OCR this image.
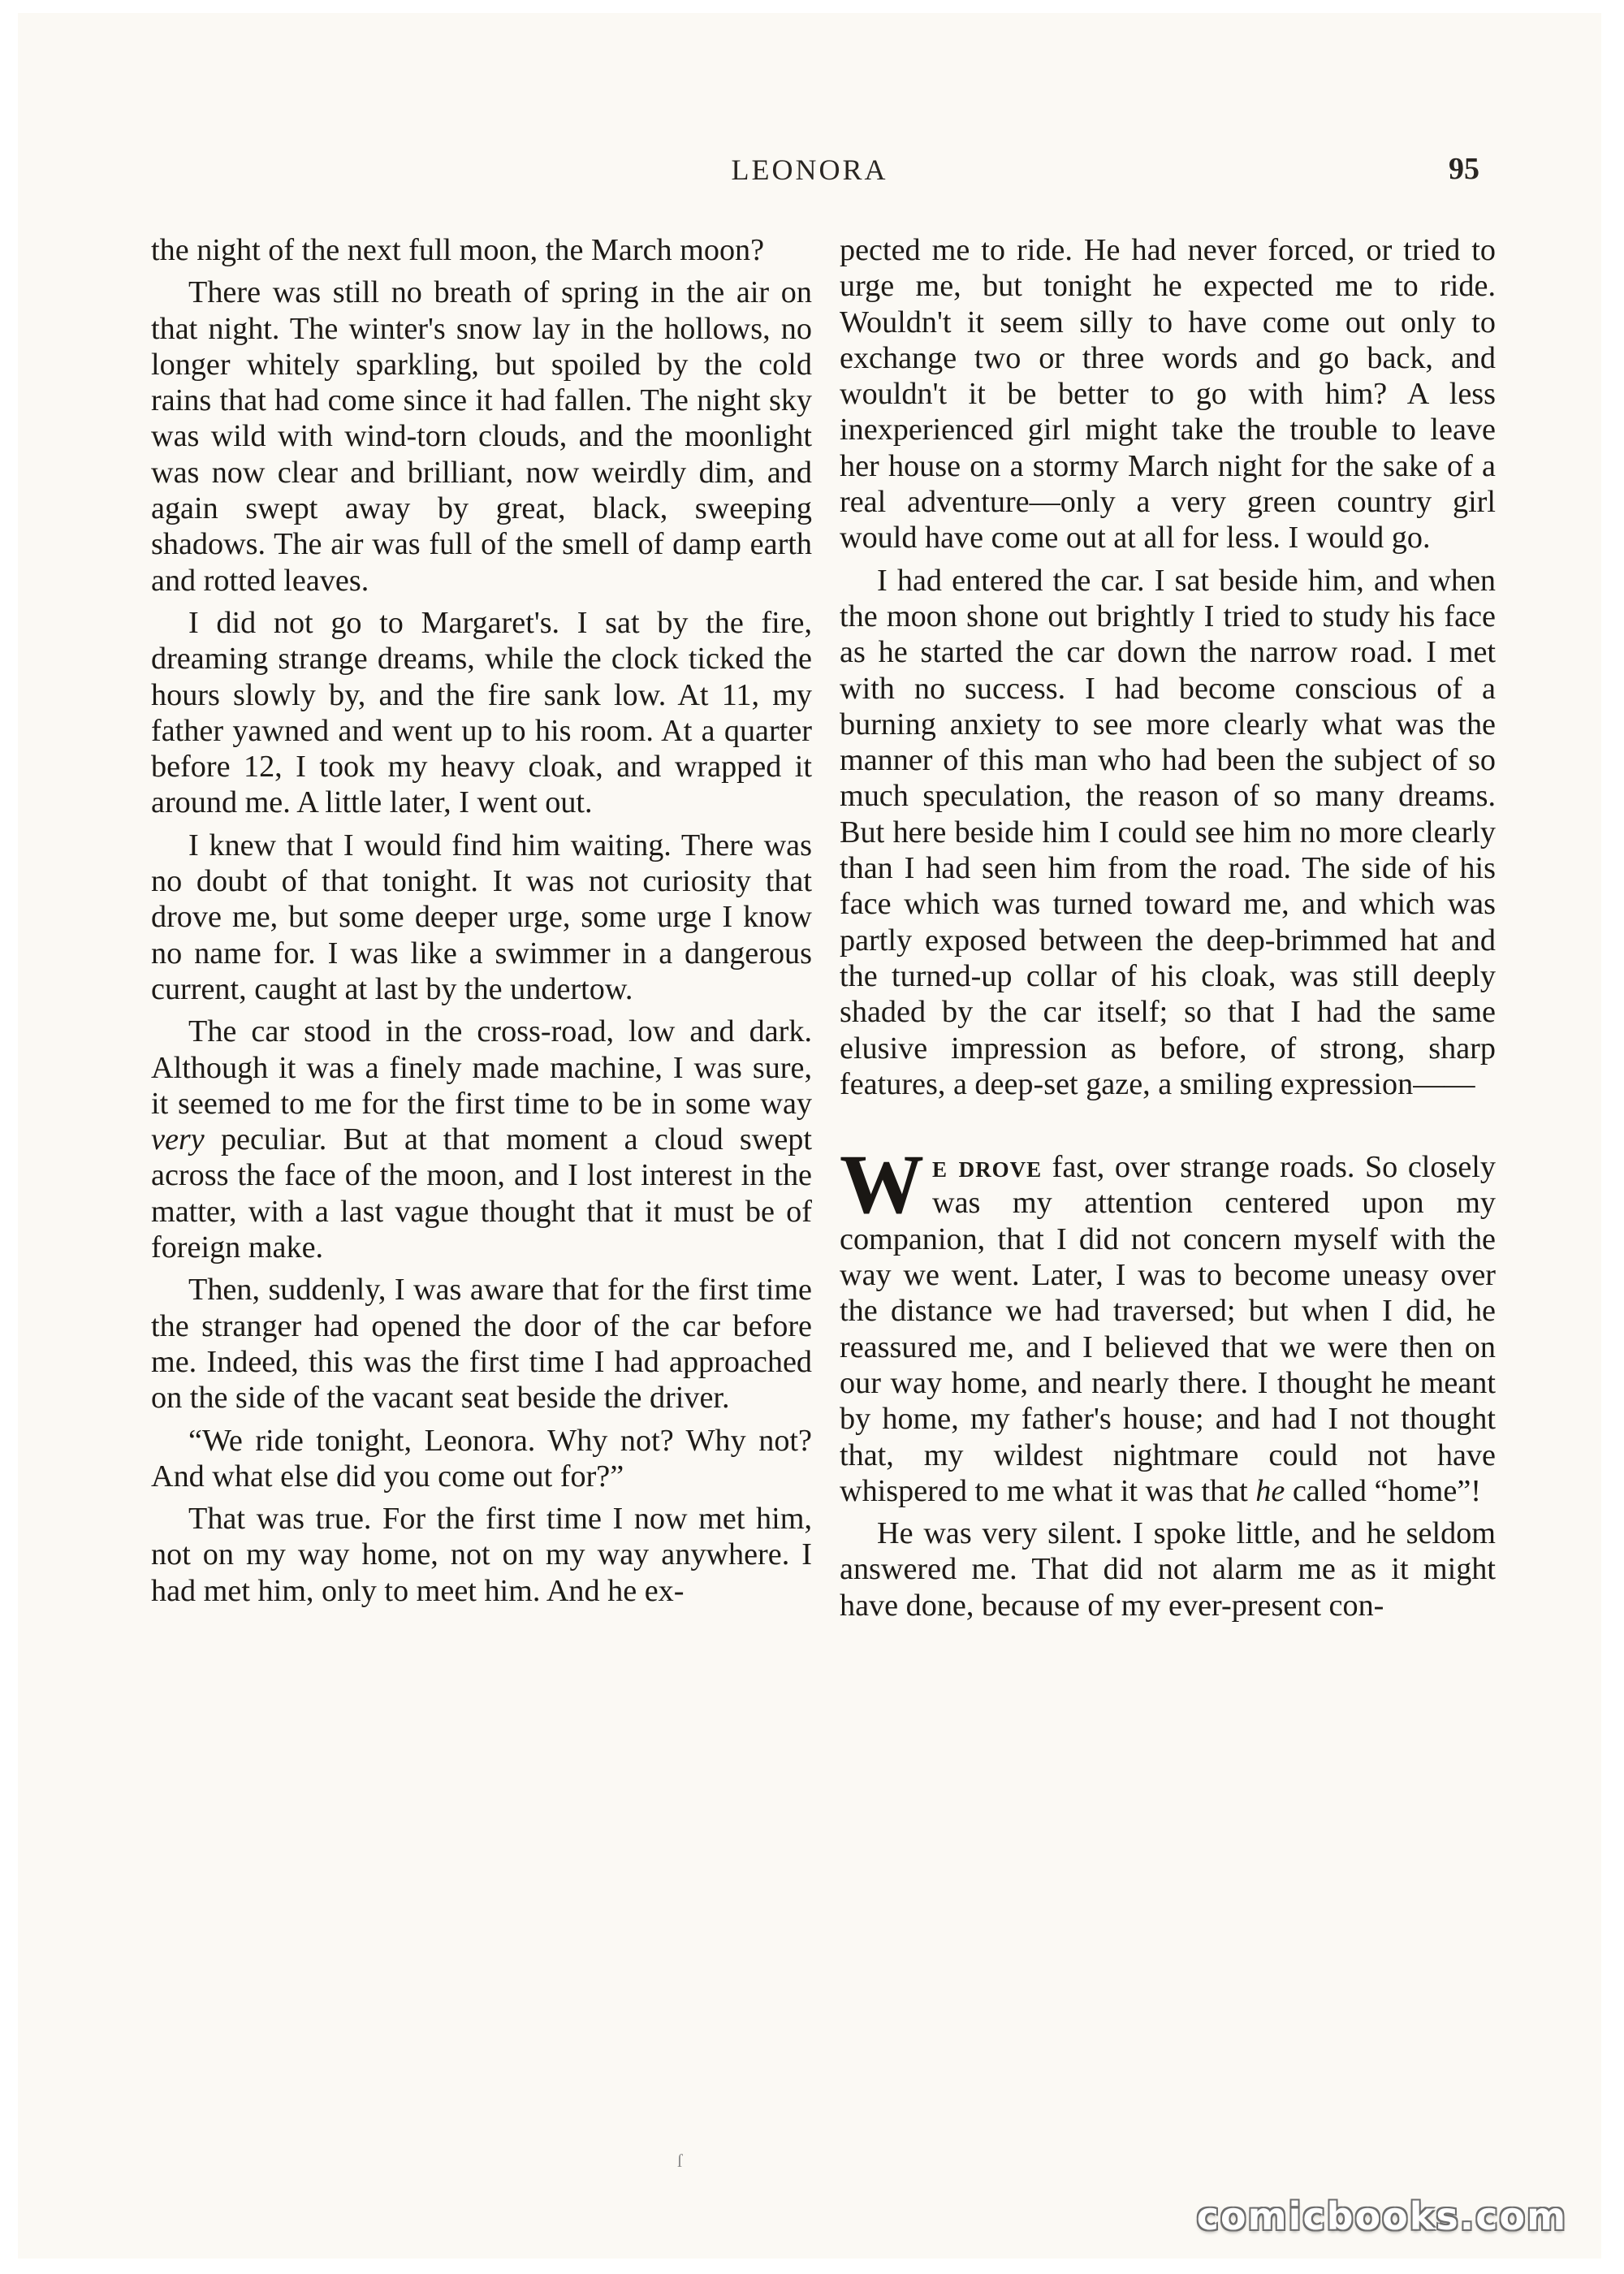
LEONORA	95

the night of the next full moon, the March moon?

There was still no breath of spring in the air on that night. The winter's snow lay in the hollows, no longer whitely sparkling, but spoiled by the cold rains that had come since it had fallen. The night sky was wild with wind-torn clouds, and the moonlight was now clear and brilliant, now weirdly dim, and again swept away by great, black, sweeping shadows. The air was full of the smell of damp earth and rotted leaves.

I did not go to Margaret's. I sat by the fire, dreaming strange dreams, while the clock ticked the hours slowly by, and the fire sank low. At 11, my father yawned and went up to his room. At a quarter before 12, I took my heavy cloak, and wrapped it around me. A little later, I went out.

I knew that I would find him waiting. There was no doubt of that tonight. It was not curiosity that drove me, but some deeper urge, some urge I know no name for. I was like a swimmer in a dangerous current, caught at last by the undertow.

The car stood in the cross-road, low and dark. Although it was a finely made machine, I was sure, it seemed to me for the first time to be in some way very peculiar. But at that moment a cloud swept across the face of the moon, and I lost interest in the matter, with a last vague thought that it must be of foreign make.

Then, suddenly, I was aware that for the first time the stranger had opened the door of the car before me. Indeed, this was the first time I had approached on the side of the vacant seat beside the driver.

“We ride tonight, Leonora. Why not? Why not? And what else did you come out for?”

That was true. For the first time I now met him, not on my way home, not on my way anywhere. I had met him, only to meet him. And he ex-

pected me to ride. He had never forced, or tried to urge me, but tonight he expected me to ride. Wouldn't it seem silly to have come out only to exchange two or three words and go back, and wouldn't it be better to go with him? A less inexperienced girl might take the trouble to leave her house on a stormy March night for the sake of a real adventure—only a very green country girl would have come out at all for less. I would go.

I had entered the car. I sat beside him, and when the moon shone out brightly I tried to study his face as he started the car down the narrow road. I met with no success. I had become conscious of a burning anxiety to see more clearly what was the manner of this man who had been the subject of so much speculation, the reason of so many dreams. But here beside him I could see him no more clearly than I had seen him from the road. The side of his face which was turned toward me, and which was partly exposed between the deep-brimmed hat and the turned-up collar of his cloak, was still deeply shaded by the car itself; so that I had the same elusive impression as before, of strong, sharp features, a deep-set gaze, a smiling expression——

We drove fast, over strange roads. So closely was my attention centered upon my companion, that I did not concern myself with the way we went. Later, I was to become uneasy over the distance we had traversed; but when I did, he reassured me, and I believed that we were then on our way home, and nearly there. I thought he meant by home, my father's house; and had I not thought that, my wildest nightmare could not have whispered to me what it was that he called “home”!

He was very silent. I spoke little, and he seldom answered me. That did not alarm me as it might have done, because of my ever-present con-

ſ
comicbooks.com
